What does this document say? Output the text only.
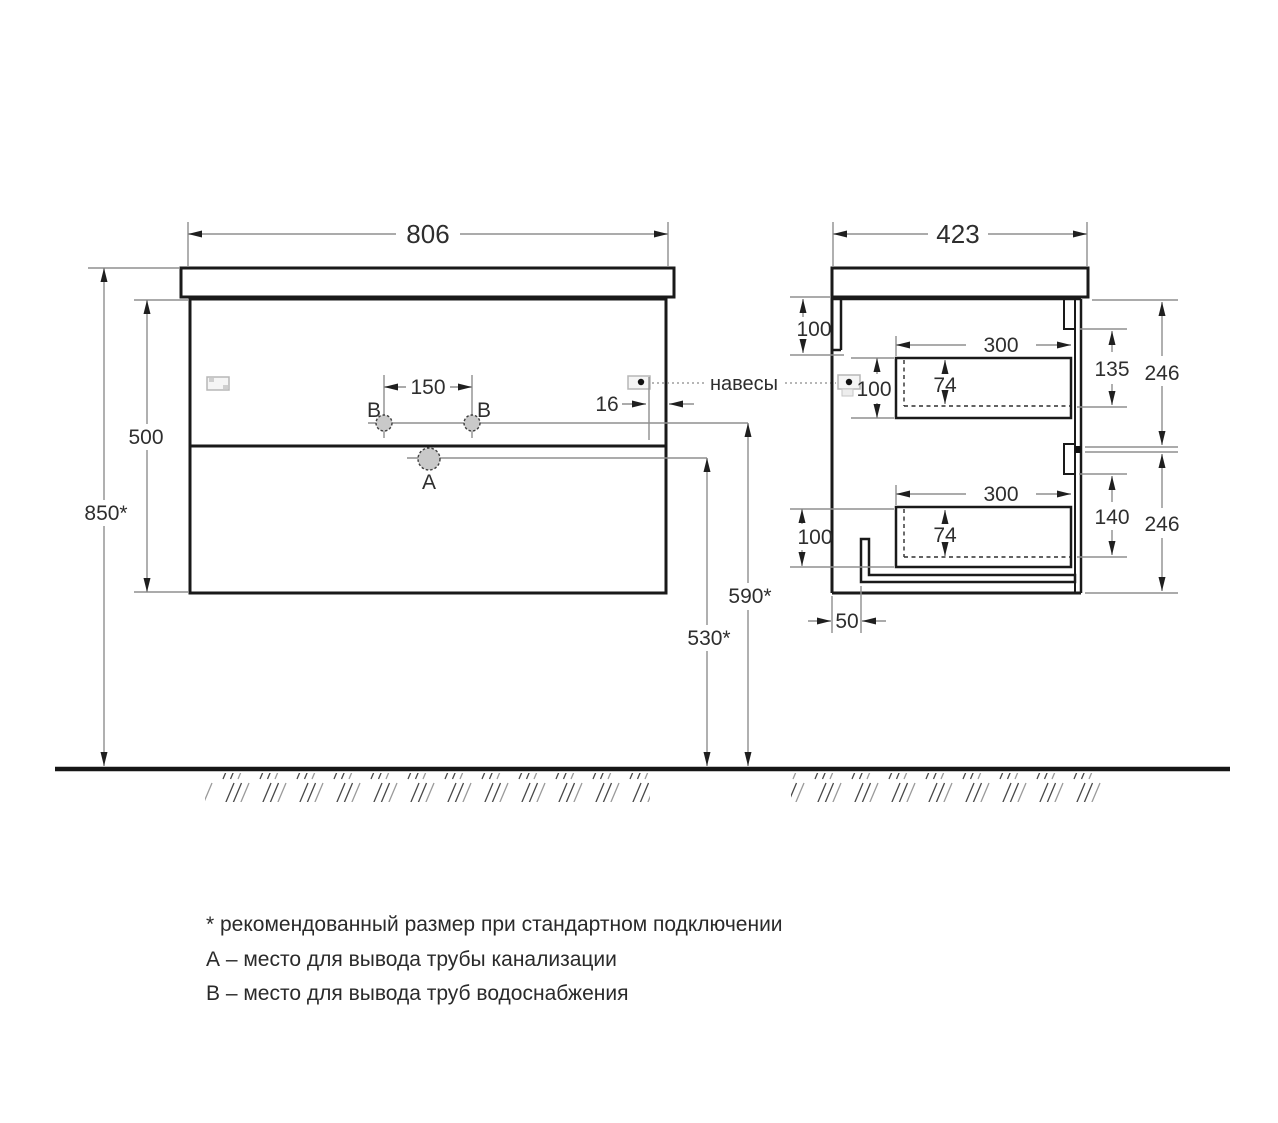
806
850*
500
150
B	B
A
16
навесы
590*
530*
423
100
300
74
100
135 246
300
74
100
140 246
50
* рекомендованный размер при стандартном подключении
А – место для вывода трубы канализации
В – место для вывода труб водоснабжения
